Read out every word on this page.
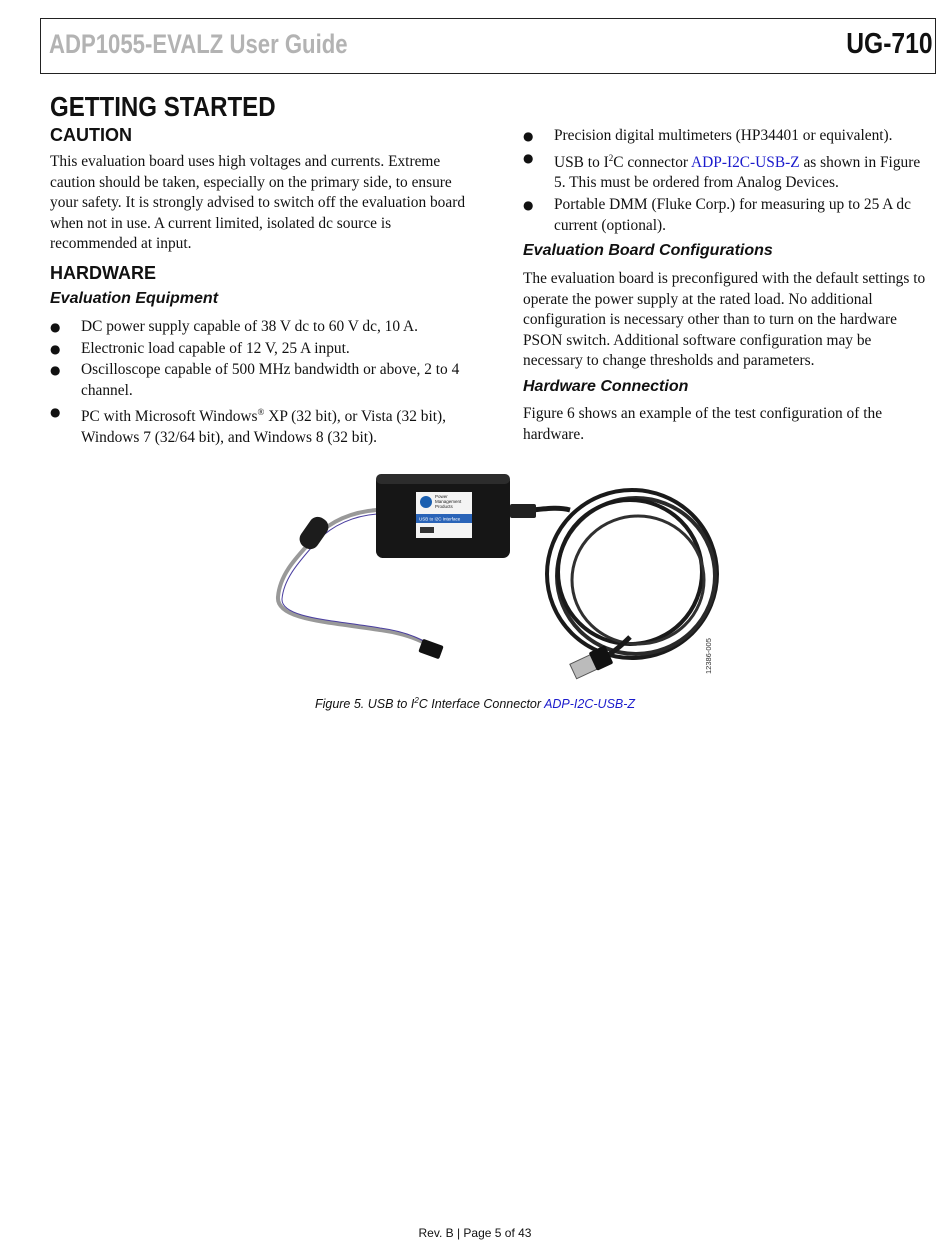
ADP1055-EVALZ User Guide	UG-710
GETTING STARTED
CAUTION
This evaluation board uses high voltages and currents. Extreme caution should be taken, especially on the primary side, to ensure your safety. It is strongly advised to switch off the evaluation board when not in use. A current limited, isolated dc source is recommended at input.
HARDWARE
Evaluation Equipment
● DC power supply capable of 38 V dc to 60 V dc, 10 A.
● Electronic load capable of 12 V, 25 A input.
● Oscilloscope capable of 500 MHz bandwidth or above, 2 to 4 channel.
● PC with Microsoft Windows® XP (32 bit), or Vista (32 bit), Windows 7 (32/64 bit), and Windows 8 (32 bit).
● Precision digital multimeters (HP34401 or equivalent).
● USB to $I^2C$ connector ADP-I2C-USB-Z as shown in Figure 5. This must be ordered from Analog Devices.
● Portable DMM (Fluke Corp.) for measuring up to 25 A dc current (optional).
Evaluation Board Configurations
The evaluation board is preconfigured with the default settings to operate the power supply at the rated load. No additional configuration is necessary other than to turn on the hardware PSON switch. Additional software configuration may be necessary to change thresholds and parameters.
Hardware Connection
Figure 6 shows an example of the test configuration of the hardware.
Power
Management
Products
USB to I2C Interface
12386-005
Figure 5. USB to $I^2C$ Interface Connector ADP-I2C-USB-Z
Rev. B | Page 5 of 43
